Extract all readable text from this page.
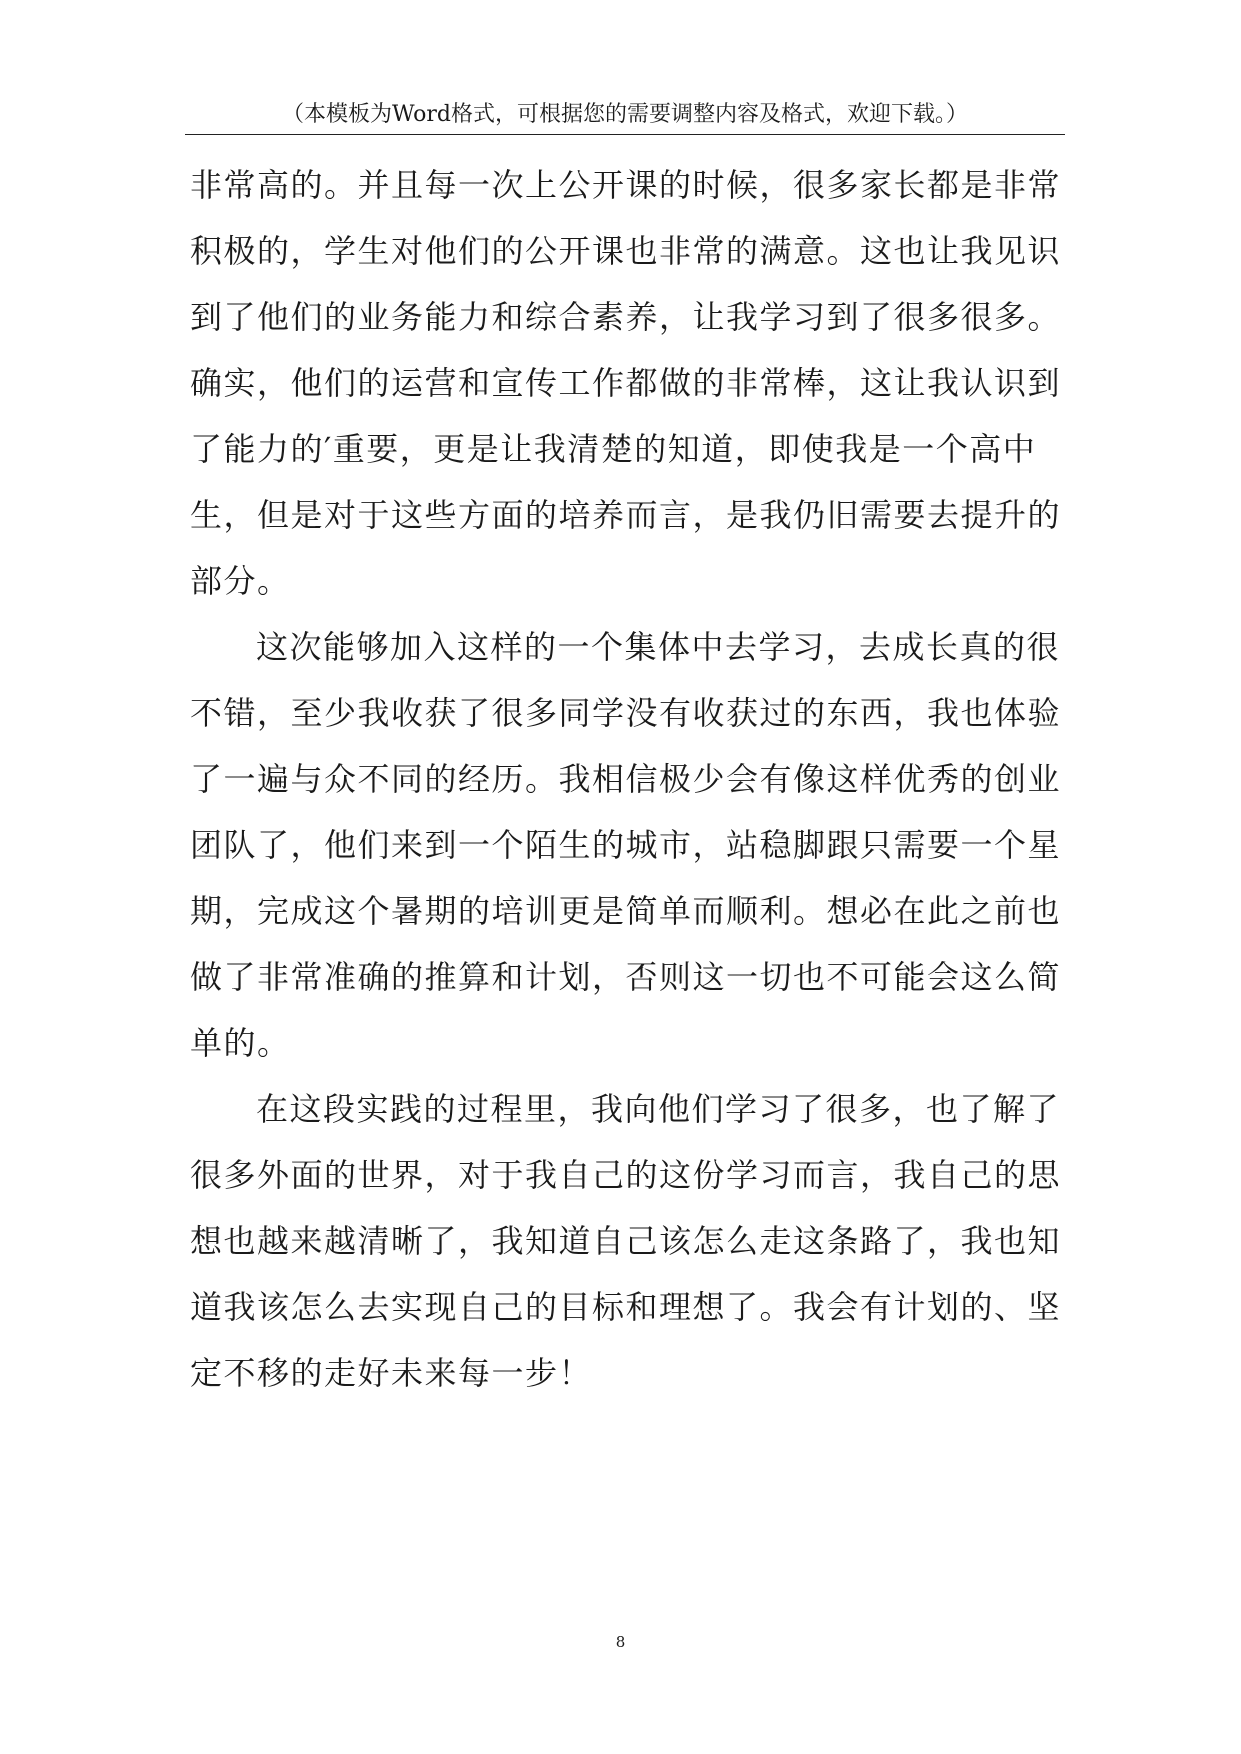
（本模板为Word格式，可根据您的需要调整内容及格式，欢迎下载。）
非常高的。并且每一次上公开课的时候，很多家长都是非常
积极的，学生对他们的公开课也非常的满意。这也让我见识
到了他们的业务能力和综合素养，让我学习到了很多很多。
确实，他们的运营和宣传工作都做的非常棒，这让我认识到
了能力的′重要，更是让我清楚的知道，即使我是一个高中
生，但是对于这些方面的培养而言，是我仍旧需要去提升的
部分。
这次能够加入这样的一个集体中去学习，去成长真的很
不错，至少我收获了很多同学没有收获过的东西，我也体验
了一遍与众不同的经历。我相信极少会有像这样优秀的创业
团队了，他们来到一个陌生的城市，站稳脚跟只需要一个星
期，完成这个暑期的培训更是简单而顺利。想必在此之前也
做了非常准确的推算和计划，否则这一切也不可能会这么简
单的。
在这段实践的过程里，我向他们学习了很多，也了解了
很多外面的世界，对于我自己的这份学习而言，我自己的思
想也越来越清晰了，我知道自己该怎么走这条路了，我也知
道我该怎么去实现自己的目标和理想了。我会有计划的、坚
定不移的走好未来每一步！
8
